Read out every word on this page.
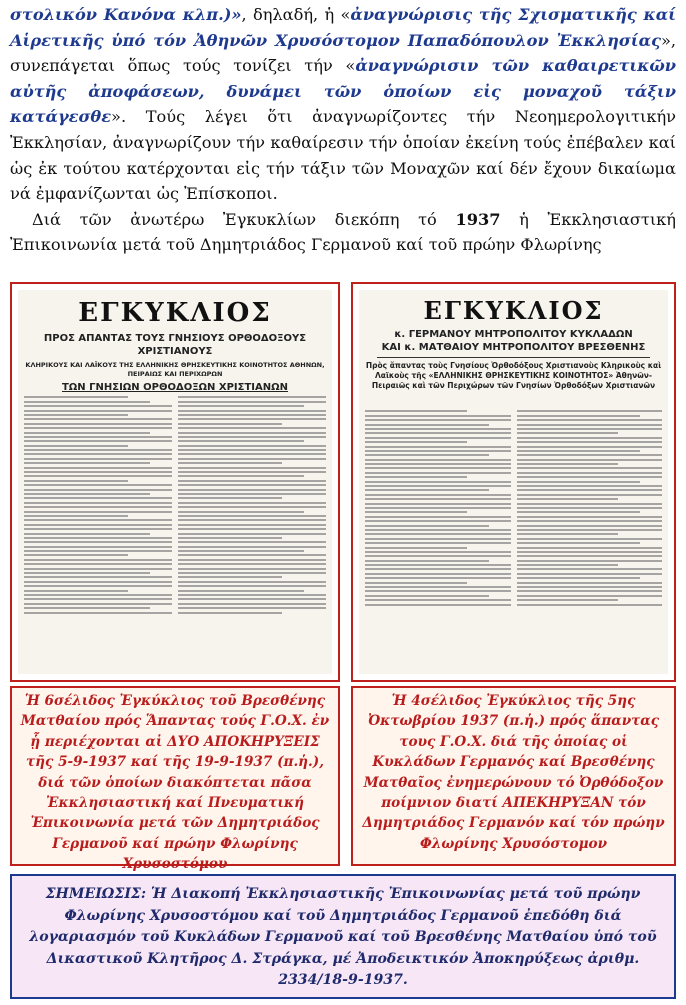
στολικόν Κανόνα κλπ.)», δηλαδή, ἡ «ἀναγνώρισις τῆς Σχισματικῆς καί Αἱρετικῆς ὑπό τόν Ἀθηνῶν Χρυσόστομον Παπαδόπουλον Ἐκκλησίας», συνεπάγεται ὅπως τούς τονίζει τήν «ἀναγνώρισιν τῶν καθαιρετικῶν αὐτῆς ἀποφάσεων, δυνάμει τῶν ὁποίων εἰς μοναχοῦ τάξιν κατάγεσθε». Τούς λέγει ὅτι ἀναγνωρίζοντες τήν Νεοημερολογιτικήν Ἐκκλησίαν, ἀναγνωρίζουν τήν καθαίρεσιν τήν ὁποίαν ἐκείνη τούς ἐπέβαλεν καί ὡς ἐκ τούτου κατέρχονται εἰς τήν τάξιν τῶν Μοναχῶν καί δέν ἔχουν δικαίωμα νά ἐμφανίζωνται ὡς Ἐπίσκοποι.

Διά τῶν ἀνωτέρω Ἐγκυκλίων διεκόπη τό 1937 ἡ Ἐκκλησιαστική Ἐπικοινωνία μετά τοῦ Δημητριάδος Γερμανοῦ καί τοῦ πρώην Φλωρίνης

ΕΓΚΥΚΛΙΟΣ
ΠΡΟΣ ΑΠΑΝΤΑΣ ΤΟΥΣ ΓΝΗΣΙΟΥΣ ΟΡΘΟΔΟΞΟΥΣ ΧΡΙΣΤΙΑΝΟΥΣ
ΚΛΗΡΙΚΟΥΣ ΚΑΙ ΛΑΪΚΟΥΣ ΤΗΣ ΕΛΛΗΝΙΚΗΣ ΘΡΗΣΚΕΥΤΙΚΗΣ ΚΟΙΝΟΤΗΤΟΣ ΑΘΗΝΩΝ, ΠΕΙΡΑΙΩΣ ΚΑΙ ΠΕΡΙΧΩΡΩΝ
ΤΩΝ ΓΝΗΣΙΩΝ ΟΡΘΟΔΟΞΩΝ ΧΡΙΣΤΙΑΝΩΝ
ΕΓΚΥΚΛΙΟΣ
κ. ΓΕΡΜΑΝΟΥ ΜΗΤΡΟΠΟΛΙΤΟΥ ΚΥΚΛΑΔΩΝ
ΚΑΙ κ. ΜΑΤΘΑΙΟΥ ΜΗΤΡΟΠΟΛΙΤΟΥ ΒΡΕΣΘΕΝΗΣ
Πρὸς ἅπαντας τοὺς Γνησίους Ὀρθοδόξους Χριστιανοὺς Κληρικοὺς καὶ Λαϊκοὺς τῆς «ΕΛΛΗΝΙΚΗΣ ΘΡΗΣΚΕΥΤΙΚΗΣ ΚΟΙΝΟΤΗΤΟΣ» Ἀθηνῶν-Πειραιῶς καὶ τῶν Περιχώρων τῶν Γνησίων Ὀρθοδόξων Χριστιανῶν

Ἡ 6σέλιδος Ἐγκύκλιος τοῦ Βρεσθένης Ματθαίου πρός Ἅπαντας τούς Γ.Ο.Χ. ἐν ᾗ περιέχονται αἱ ΔΥΟ ΑΠΟΚΗΡΥΞΕΙΣ τῆς 5-9-1937 καί τῆς 19-9-1937 (π.ἡ.), διά τῶν ὁποίων διακόπτεται πᾶσα Ἐκκλησιαστική καί Πνευματική Ἐπικοινωνία μετά τῶν Δημητριάδος Γερμανοῦ καί πρώην Φλωρίνης Χρυσοστόμου

Ἡ 4σέλιδος Ἐγκύκλιος τῆς 5ης Ὀκτωβρίου 1937 (π.ἡ.) πρός ἅπαντας τους Γ.Ο.Χ. διά τῆς ὁποίας οἱ Κυκλάδων Γερμανός καί Βρεσθένης Ματθαῖος ἐνημερώνουν τό Ὀρθόδοξον ποίμνιον διατί ΑΠΕΚΗΡΥΞΑΝ τόν Δημητριάδος Γερμανόν καί τόν πρώην Φλωρίνης Χρυσόστομον

ΣΗΜΕΙΩΣΙΣ: Ἡ Διακοπή Ἐκκλησιαστικῆς Ἐπικοινωνίας μετά τοῦ πρώην Φλωρίνης Χρυσοστόμου καί τοῦ Δημητριάδος Γερμανοῦ ἐπεδόθη διά λογαριασμόν τοῦ Κυκλάδων Γερμανοῦ καί τοῦ Βρεσθένης Ματθαίου ὑπό τοῦ Δικαστικοῦ Κλητῆρος Δ. Στράγκα, μέ Ἀποδεικτικόν Ἀποκηρύξεως ἀριθμ. 2334/18-9-1937.
